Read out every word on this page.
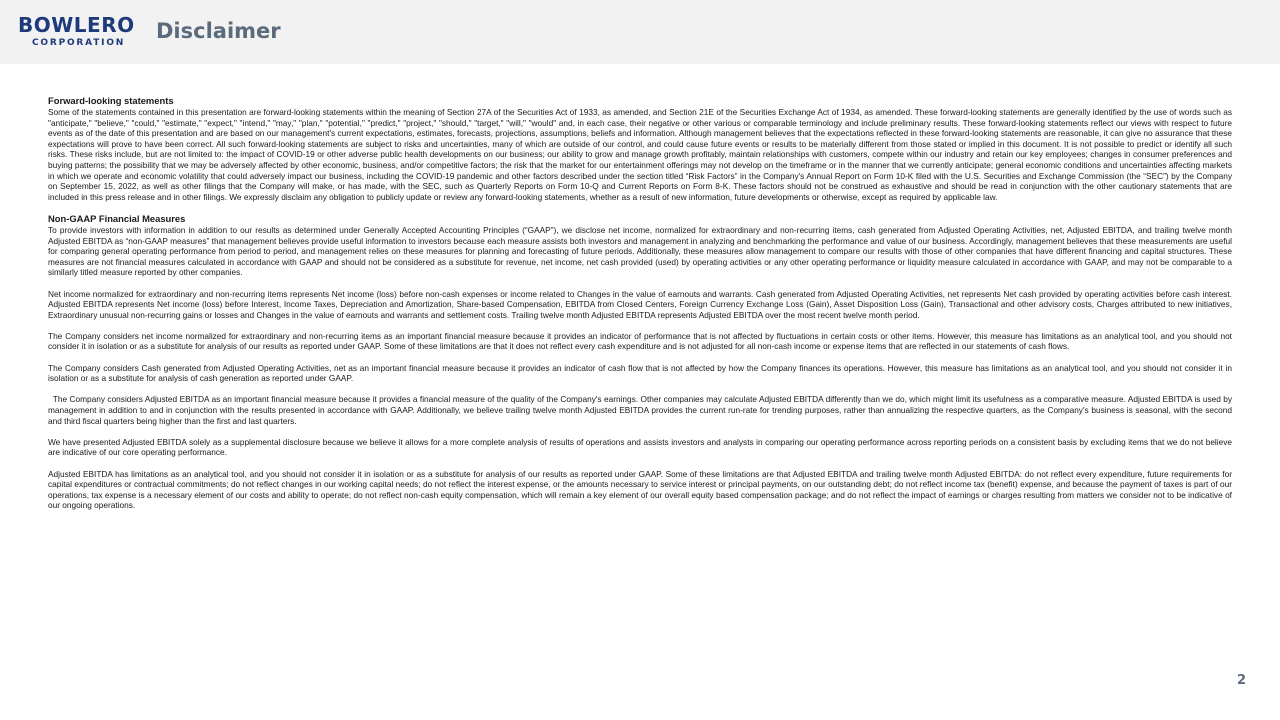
BOWLERO
CORPORATION Disclaimer

Forward-looking statements

Some of the statements contained in this presentation are forward-looking statements within the meaning of Section 27A of the Securities Act of 1933, as amended, and Section 21E of the Securities Exchange Act of 1934, as amended. These forward-looking statements are generally identified by the use of words such as "anticipate," "believe," "could," "estimate," "expect," "intend," "may," "plan," "potential," "predict," "project," "should," "target," "will," "would" and, in each case, their negative or other various or comparable terminology and include preliminary results. These forward-looking statements reflect our views with respect to future events as of the date of this presentation and are based on our management's current expectations, estimates, forecasts, projections, assumptions, beliefs and information. Although management believes that the expectations reflected in these forward-looking statements are reasonable, it can give no assurance that these expectations will prove to have been correct. All such forward-looking statements are subject to risks and uncertainties, many of which are outside of our control, and could cause future events or results to be materially different from those stated or implied in this document. It is not possible to predict or identify all such risks. These risks include, but are not limited to: the impact of COVID-19 or other adverse public health developments on our business; our ability to grow and manage growth profitably, maintain relationships with customers, compete within our industry and retain our key employees; changes in consumer preferences and buying patterns; the possibility that we may be adversely affected by other economic, business, and/or competitive factors; the risk that the market for our entertainment offerings may not develop on the timeframe or in the manner that we currently anticipate; general economic conditions and uncertainties affecting markets in which we operate and economic volatility that could adversely impact our business, including the COVID-19 pandemic and other factors described under the section titled “Risk Factors” in the Company's Annual Report on Form 10-K filed with the U.S. Securities and Exchange Commission (the “SEC”) by the Company on September 15, 2022, as well as other filings that the Company will make, or has made, with the SEC, such as Quarterly Reports on Form 10-Q and Current Reports on Form 8-K. These factors should not be construed as exhaustive and should be read in conjunction with the other cautionary statements that are included in this press release and in other filings. We expressly disclaim any obligation to publicly update or review any forward-looking statements, whether as a result of new information, future developments or otherwise, except as required by applicable law.

Non-GAAP Financial Measures

To provide investors with information in addition to our results as determined under Generally Accepted Accounting Principles (“GAAP”), we disclose net income, normalized for extraordinary and non-recurring items, cash generated from Adjusted Operating Activities, net, Adjusted EBITDA, and trailing twelve month Adjusted EBITDA as “non-GAAP measures” that management believes provide useful information to investors because each measure assists both investors and management in analyzing and benchmarking the performance and value of our business. Accordingly, management believes that these measurements are useful for comparing general operating performance from period to period, and management relies on these measures for planning and forecasting of future periods. Additionally, these measures allow management to compare our results with those of other companies that have different financing and capital structures. These measures are not financial measures calculated in accordance with GAAP and should not be considered as a substitute for revenue, net income, net cash provided (used) by operating activities or any other operating performance or liquidity measure calculated in accordance with GAAP, and may not be comparable to a similarly titled measure reported by other companies.

Net income normalized for extraordinary and non-recurring items represents Net income (loss) before non-cash expenses or income related to Changes in the value of earnouts and warrants. Cash generated from Adjusted Operating Activities, net represents Net cash provided by operating activities before cash interest. Adjusted EBITDA represents Net income (loss) before Interest, Income Taxes, Depreciation and Amortization, Share-based Compensation, EBITDA from Closed Centers, Foreign Currency Exchange Loss (Gain), Asset Disposition Loss (Gain), Transactional and other advisory costs, Charges attributed to new initiatives, Extraordinary unusual non-recurring gains or losses and Changes in the value of earnouts and warrants and settlement costs. Trailing twelve month Adjusted EBITDA represents Adjusted EBITDA over the most recent twelve month period.

The Company considers net income normalized for extraordinary and non-recurring items as an important financial measure because it provides an indicator of performance that is not affected by fluctuations in certain costs or other items. However, this measure has limitations as an analytical tool, and you should not consider it in isolation or as a substitute for analysis of our results as reported under GAAP. Some of these limitations are that it does not reflect every cash expenditure and is not adjusted for all non-cash income or expense items that are reflected in our statements of cash flows.

The Company considers Cash generated from Adjusted Operating Activities, net as an important financial measure because it provides an indicator of cash flow that is not affected by how the Company finances its operations. However, this measure has limitations as an analytical tool, and you should not consider it in isolation or as a substitute for analysis of cash generation as reported under GAAP.

The Company considers Adjusted EBITDA as an important financial measure because it provides a financial measure of the quality of the Company's earnings. Other companies may calculate Adjusted EBITDA differently than we do, which might limit its usefulness as a comparative measure. Adjusted EBITDA is used by management in addition to and in conjunction with the results presented in accordance with GAAP. Additionally, we believe trailing twelve month Adjusted EBITDA provides the current run-rate for trending purposes, rather than annualizing the respective quarters, as the Company's business is seasonal, with the second and third fiscal quarters being higher than the first and last quarters.

We have presented Adjusted EBITDA solely as a supplemental disclosure because we believe it allows for a more complete analysis of results of operations and assists investors and analysts in comparing our operating performance across reporting periods on a consistent basis by excluding items that we do not believe are indicative of our core operating performance.

Adjusted EBITDA has limitations as an analytical tool, and you should not consider it in isolation or as a substitute for analysis of our results as reported under GAAP. Some of these limitations are that Adjusted EBITDA and trailing twelve month Adjusted EBITDA: do not reflect every expenditure, future requirements for capital expenditures or contractual commitments; do not reflect changes in our working capital needs; do not reflect the interest expense, or the amounts necessary to service interest or principal payments, on our outstanding debt; do not reflect income tax (benefit) expense, and because the payment of taxes is part of our operations, tax expense is a necessary element of our costs and ability to operate; do not reflect non-cash equity compensation, which will remain a key element of our overall equity based compensation package; and do not reflect the impact of earnings or charges resulting from matters we consider not to be indicative of our ongoing operations.

2
